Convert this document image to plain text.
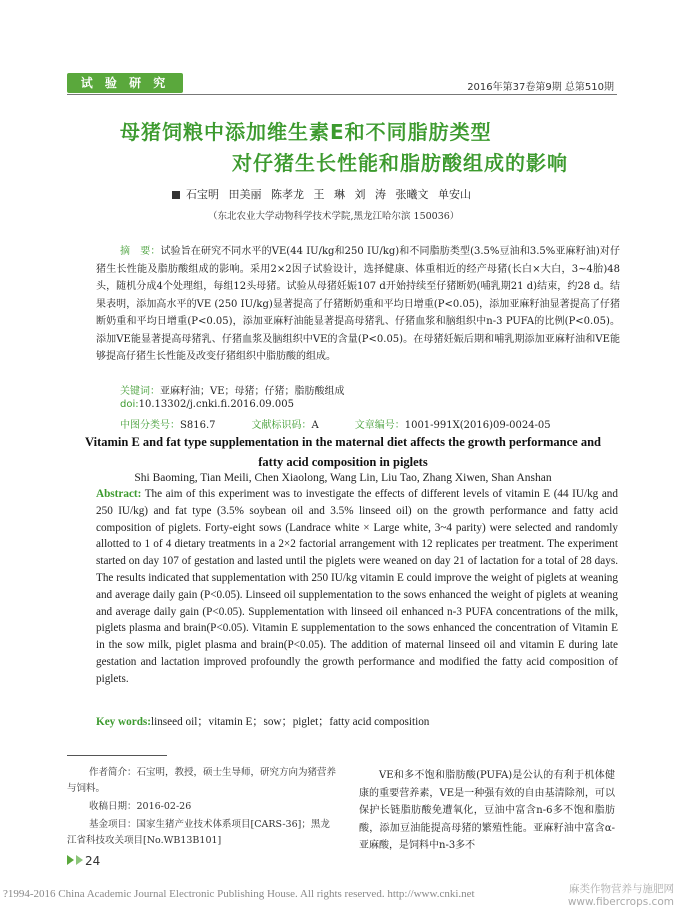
试 验 研 究	2016年第37卷第9期 总第510期
母猪饲粮中添加维生素E和不同脂肪类型
对仔猪生长性能和脂肪酸组成的影响
石宝明 田美丽 陈孝龙 王 琳 刘 涛 张曦文 单安山
（东北农业大学动物科学技术学院,黑龙江哈尔滨 150036）
摘　要：试验旨在研究不同水平的VE(44 IU/kg和250 IU/kg)和不同脂肪类型(3.5%豆油和3.5%亚麻籽油)对仔猪生长性能及脂肪酸组成的影响。采用2×2因子试验设计，选择健康、体重相近的经产母猪(长白×大白，3~4胎)48头，随机分成4个处理组，每组12头母猪。试验从母猪妊娠107 d开始持续至仔猪断奶(哺乳期21 d)结束，约28 d。结果表明，添加高水平的VE (250 IU/kg)显著提高了仔猪断奶重和平均日增重(P<0.05)，添加亚麻籽油显著提高了仔猪断奶重和平均日增重(P<0.05)，添加亚麻籽油能显著提高母猪乳、仔猪血浆和脑组织中n-3 PUFA的比例(P<0.05)。添加VE能显著提高母猪乳、仔猪血浆及脑组织中VE的含量(P<0.05)。在母猪妊娠后期和哺乳期添加亚麻籽油和VE能够提高仔猪生长性能及改变仔猪组织中脂肪酸的组成。
关键词：亚麻籽油；VE；母猪；仔猪；脂肪酸组成
doi:10.13302/j.cnki.fi.2016.09.005
中图分类号：S816.7	文献标识码：A	文章编号：1001-991X(2016)09-0024-05
Vitamin E and fat type supplementation in the maternal diet affects the growth performance and
fatty acid composition in piglets
Shi Baoming, Tian Meili, Chen Xiaolong, Wang Lin, Liu Tao, Zhang Xiwen, Shan Anshan
Abstract: The aim of this experiment was to investigate the effects of different levels of vitamin E (44 IU/kg and 250 IU/kg) and fat type (3.5% soybean oil and 3.5% linseed oil) on the growth performance and fatty acid composition of piglets. Forty-eight sows (Landrace white × Large white, 3~4 parity) were selected and randomly allotted to 1 of 4 dietary treatments in a 2×2 factorial arrangement with 12 replicates per treatment. The experiment started on day 107 of gestation and lasted until the piglets were weaned on day 21 of lactation for a total of 28 days. The results indicated that supplementation with 250 IU/kg vitamin E could improve the weight of piglets at weaning and average daily gain (P<0.05). Linseed oil supplementation to the sows enhanced the weight of piglets at weaning and average daily gain (P<0.05). Supplementation with linseed oil enhanced n-3 PUFA concentrations of the milk, piglets plasma and brain(P<0.05). Vitamin E supplementation to the sows enhanced the concentration of Vitamin E in the sow milk, piglet plasma and brain(P<0.05). The addition of maternal linseed oil and vitamin E during late gestation and lactation improved profoundly the growth performance and modified the fatty acid composition of piglets.
Key words:linseed oil；vitamin E；sow；piglet；fatty acid composition
作者简介：石宝明，教授，硕士生导师，研究方向为猪营养与饲料。
收稿日期：2016-02-26
基金项目：国家生猪产业技术体系项目[CARS-36]；黑龙江省科技攻关项目[No.WB13B101]
VE和多不饱和脂肪酸(PUFA)是公认的有利于机体健康的重要营养素，VE是一种强有效的自由基清除剂，可以保护长链脂肪酸免遭氧化，豆油中富含n-6多不饱和脂肪酸，添加豆油能提高母猪的繁殖性能。亚麻籽油中富含α-亚麻酸，是饲料中n-3多不
24
?1994-2016 China Academic Journal Electronic Publishing House. All rights reserved. http://www.cnki.net	麻类作物营养与施肥网
www.fibercrops.com
